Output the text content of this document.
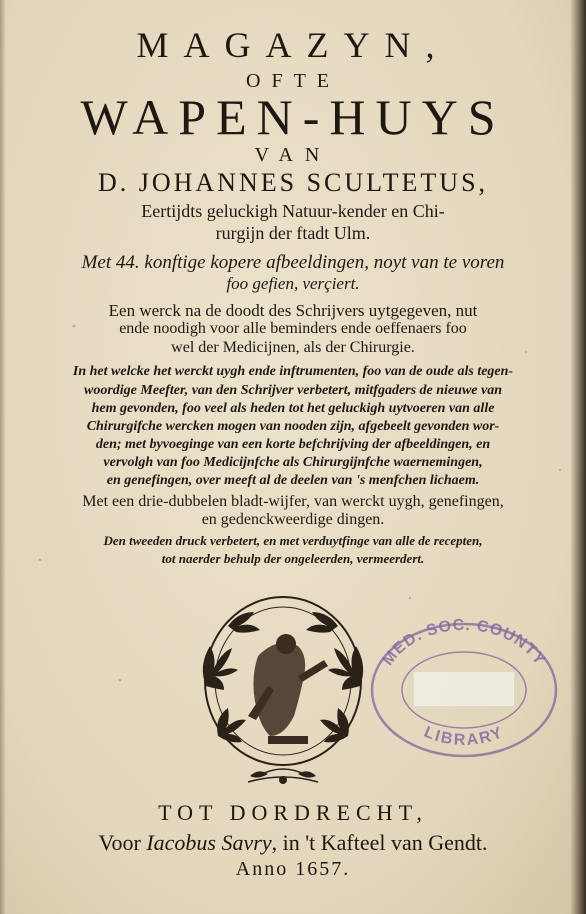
MAGAZYN,

OFTE

WAPEN-HUYS

VAN

D. JOHANNES SCULTETUS,

Eertijdts geluckigh Natuur-kender en Chi-

rurgijn der ftadt Ulm.

Met 44. konftige kopere afbeeldingen, noyt van te voren

foo gefien, verçiert.

Een werck na de doodt des Schrijvers uytgegeven, nut

ende noodigh voor alle beminders ende oeffenaers foo

wel der Medicijnen, als der Chirurgie.

In het welcke het werckt uygh ende inftrumenten, foo van de oude als tegen-

woordige Meefter, van den Schrijver verbetert, mitfgaders de nieuwe van

hem gevonden, foo veel als heden tot het geluckigh uytvoeren van alle

Chirurgifche wercken mogen van nooden zijn, afgebeelt gevonden wor-

den; met byvoeginge van een korte befchrijving der afbeeldingen, en

vervolgh van foo Medicijnfche als Chirurgijnfche waernemingen,

en genefingen, over meeft al de deelen van 's menfchen lichaem.

Met een drie-dubbelen bladt-wijfer, van werckt uygh, genefingen,

en gedenckweerdige dingen.

Den tweeden druck verbetert, en met verduytfinge van alle de recepten,

tot naerder behulp der ongeleerden, vermeerdert.

MED. SOC. COUNTY
LIBRARY

TOT DORDRECHT,

Voor Iacobus Savry, in 't Kafteel van Gendt.

Anno 1657.
